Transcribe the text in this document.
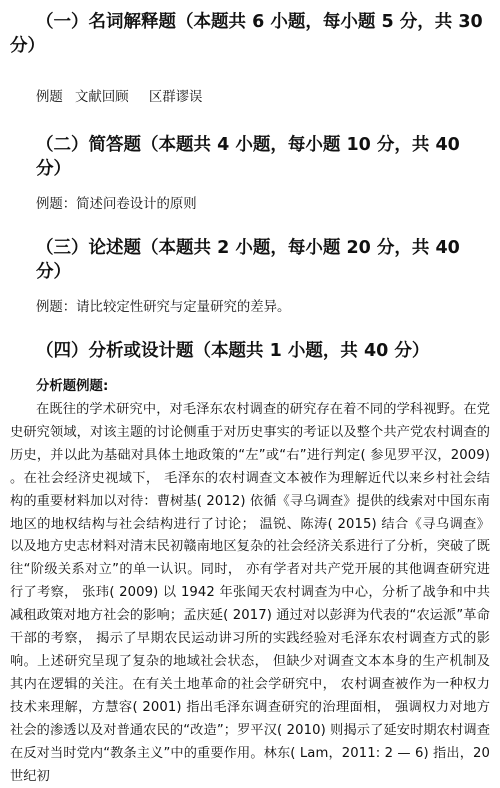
（一）名词解释题（本题共 6 小题，每小题 5 分，共 30 分）

例题 文献回顾 区群谬误

（二）简答题（本题共 4 小题，每小题 10 分，共 40 分）

例题：简述问卷设计的原则

（三）论述题（本题共 2 小题，每小题 20 分，共 40 分）

例题：请比较定性研究与定量研究的差异。

（四）分析或设计题（本题共 1 小题，共 40 分）

分析题例题:

在既往的学术研究中，对毛泽东农村调查的研究存在着不同的学科视野。在党史研究领域，对该主题的讨论侧重于对历史事实的考证以及整个共产党农村调查的历史，并以此为基础对具体土地政策的“左”或“右”进行判定( 参见罗平汉，2009) 。在社会经济史视域下， 毛泽东的农村调查文本被作为理解近代以来乡村社会结构的重要材料加以对待：曹树基( 2012) 依循《寻乌调查》提供的线索对中国东南地区的地权结构与社会结构进行了讨论； 温锐、陈涛( 2015) 结合《寻乌调查》以及地方史志材料对清末民初赣南地区复杂的社会经济关系进行了分析，突破了既往“阶级关系对立”的单一认识。同时， 亦有学者对共产党开展的其他调查研究进行了考察， 张玮( 2009) 以 1942 年张闻天农村调查为中心，分析了战争和中共减租政策对地方社会的影响；孟庆延( 2017) 通过对以彭湃为代表的“农运派”革命干部的考察， 揭示了早期农民运动讲习所的实践经验对毛泽东农村调查方式的影响。上述研究呈现了复杂的地域社会状态， 但缺少对调查文本本身的生产机制及其内在逻辑的关注。在有关土地革命的社会学研究中， 农村调查被作为一种权力技术来理解，方慧容( 2001) 指出毛泽东调查研究的治理面相， 强调权力对地方社会的渗透以及对普通农民的“改造”；罗平汉( 2010) 则揭示了延安时期农村调查在反对当时党内“教条主义”中的重要作用。林东( Lam，2011: 2 — 6) 指出，20 世纪初
